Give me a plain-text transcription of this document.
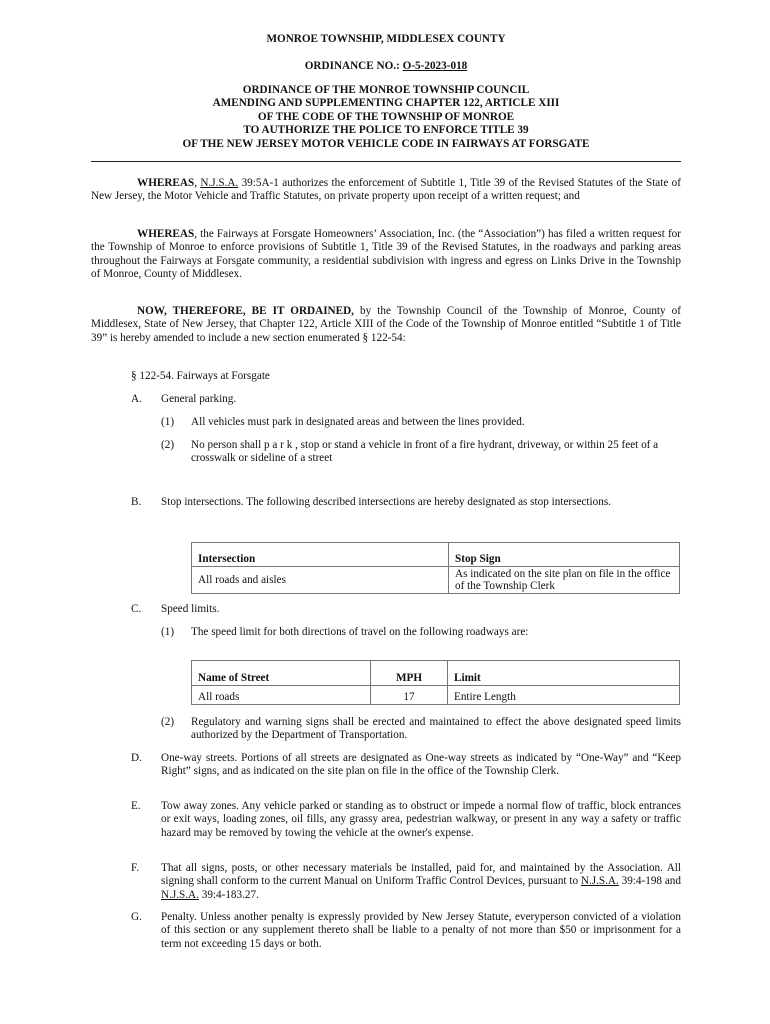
MONROE TOWNSHIP, MIDDLESEX COUNTY
ORDINANCE NO.: O-5-2023-018
ORDINANCE OF THE MONROE TOWNSHIP COUNCIL
AMENDING AND SUPPLEMENTING CHAPTER 122, ARTICLE XIII
OF THE CODE OF THE TOWNSHIP OF MONROE
TO AUTHORIZE THE POLICE TO ENFORCE TITLE 39
OF THE NEW JERSEY MOTOR VEHICLE CODE IN FAIRWAYS AT FORSGATE
WHEREAS, N.J.S.A. 39:5A-1 authorizes the enforcement of Subtitle 1, Title 39 of the Revised Statutes of the State of New Jersey, the Motor Vehicle and Traffic Statutes, on private property upon receipt of a written request; and
WHEREAS, the Fairways at Forsgate Homeowners’ Association, Inc. (the “Association”) has filed a written request for the Township of Monroe to enforce provisions of Subtitle 1, Title 39 of the Revised Statutes, in the roadways and parking areas throughout the Fairways at Forsgate community, a residential subdivision with ingress and egress on Links Drive in the Township of Monroe, County of Middlesex.
NOW, THEREFORE, BE IT ORDAINED, by the Township Council of the Township of Monroe, County of Middlesex, State of New Jersey, that Chapter 122, Article XIII of the Code of the Township of Monroe entitled “Subtitle 1 of Title 39” is hereby amended to include a new section enumerated § 122-54:
§ 122-54. Fairways at Forsgate
A. General parking.
(1) All vehicles must park in designated areas and between the lines provided.
(2) No person shall p a r k , stop or stand a vehicle in front of a fire hydrant, driveway, or within 25 feet of a crosswalk or sideline of a street
B. Stop intersections. The following described intersections are hereby designated as stop intersections.
Intersection	Stop Sign
All roads and aisles	As indicated on the site plan on file in the office of the Township Clerk
C. Speed limits.
(1) The speed limit for both directions of travel on the following roadways are:
Name of Street	MPH	Limit
All roads	17	Entire Length
(2) Regulatory and warning signs shall be erected and maintained to effect the above designated speed limits authorized by the Department of Transportation.
D. One-way streets. Portions of all streets are designated as One-way streets as indicated by “One-Way” and “Keep Right” signs, and as indicated on the site plan on file in the office of the Township Clerk.
E. Tow away zones. Any vehicle parked or standing as to obstruct or impede a normal flow of traffic, block entrances or exit ways, loading zones, oil fills, any grassy area, pedestrian walkway, or present in any way a safety or traffic hazard may be removed by towing the vehicle at the owner's expense.
F. That all signs, posts, or other necessary materials be installed, paid for, and maintained by the Association. All signing shall conform to the current Manual on Uniform Traffic Control Devices, pursuant to N.J.S.A. 39:4-198 and N.J.S.A. 39:4-183.27.
G. Penalty. Unless another penalty is expressly provided by New Jersey Statute, everyperson convicted of a violation of this section or any supplement thereto shall be liable to a penalty of not more than $50 or imprisonment for a term not exceeding 15 days or both.
